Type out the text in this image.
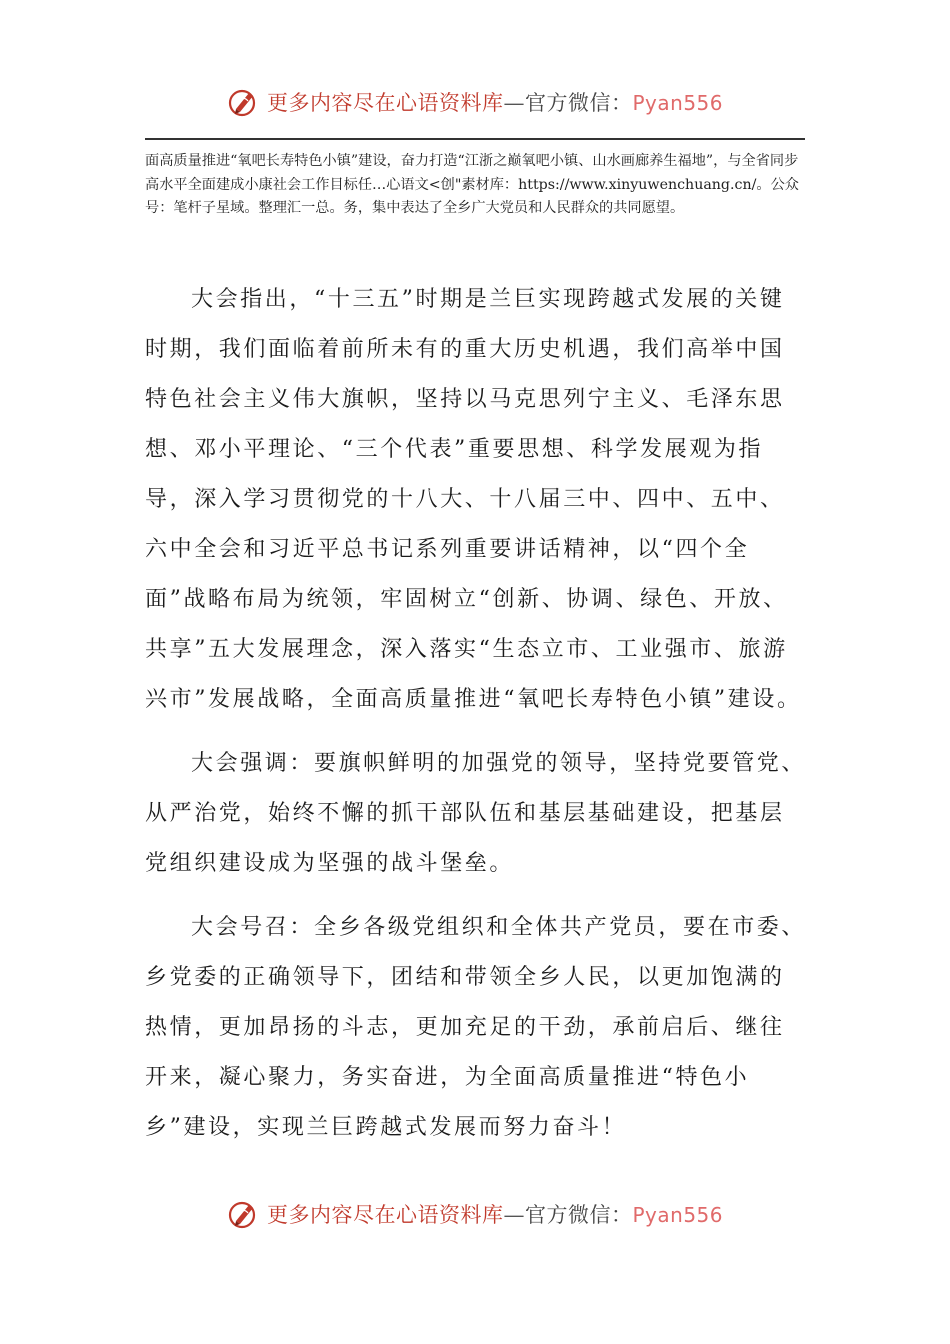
更多内容尽在心语资料库—官方微信：Pyan556
面高质量推进“氧吧长寿特色小镇”建设，奋力打造“江浙之巅氧吧小镇、山水画廊养生福地”，与全省同步高水平全面建成小康社会工作目标任…心语文<创"素材库：https://www.xinyuwenchuang.cn/。公众号：笔杆子星域。整理汇一总。务，集中表达了全乡广大党员和人民群众的共同愿望。

大会指出，“十三五”时期是兰巨实现跨越式发展的关键时期，我们面临着前所未有的重大历史机遇，我们高举中国特色社会主义伟大旗帜，坚持以马克思列宁主义、毛泽东思想、邓小平理论、“三个代表”重要思想、科学发展观为指导，深入学习贯彻党的十八大、十八届三中、四中、五中、六中全会和习近平总书记系列重要讲话精神，以“四个全面”战略布局为统领，牢固树立“创新、协调、绿色、开放、共享”五大发展理念，深入落实“生态立市、工业强市、旅游兴市”发展战略，全面高质量推进“氧吧长寿特色小镇”建设。

大会强调：要旗帜鲜明的加强党的领导，坚持党要管党、从严治党，始终不懈的抓干部队伍和基层基础建设，把基层党组织建设成为坚强的战斗堡垒。

大会号召：全乡各级党组织和全体共产党员，要在市委、乡党委的正确领导下，团结和带领全乡人民，以更加饱满的热情，更加昂扬的斗志，更加充足的干劲，承前启后、继往开来，凝心聚力，务实奋进，为全面高质量推进“特色小乡”建设，实现兰巨跨越式发展而努力奋斗！

更多内容尽在心语资料库—官方微信：Pyan556
